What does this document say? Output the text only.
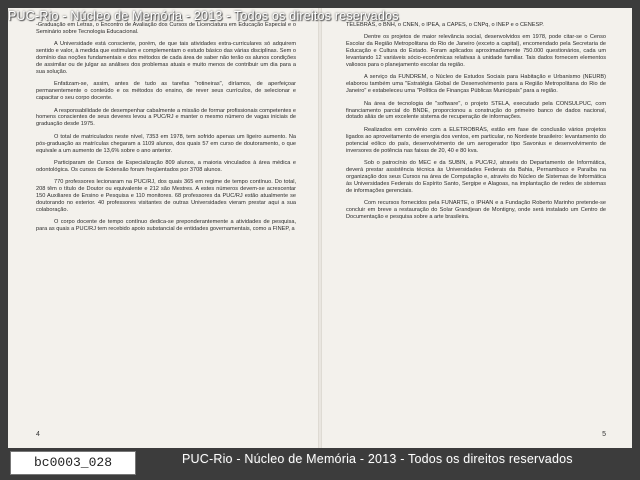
-Graduação em Letras, o Encontro de Avaliação dos Cursos de Licenciatura em Educação Especial e o Seminário sobre Tecnologia Educacional.

A Universidade está consciente, porém, de que tais atividades extra-curriculares só adquirem sentido e valor, à medida que estimulam e complementam o estudo básico das várias disciplinas. Sem o domínio das noções fundamentais e dos métodos de cada área de saber não terão os alunos condições de assimilar ou de julgar as análises dos problemas atuais e muito menos de contribuir um dia para a sua solução.

Enfatizam-se, assim, antes de tudo as tarefas "rotineiras", diríamos, de aperfeiçoar permanentemente o conteúdo e os métodos do ensino, de rever seus currículos, de selecionar e capacitar o seu corpo docente.

A responsabilidade de desempenhar cabalmente a missão de formar profissionais competentes e homens conscientes de seus deveres levou a PUC/RJ e manter o mesmo número de vagas iniciais de graduação desde 1975.

O total de matriculados neste nível, 7353 em 1978, tem sofrido apenas um ligeiro aumento. Na pós-graduação as matrículas chegaram a 1109 alunos, dos quais 57 em curso de doutoramento, o que equivale a um aumento de 13,6% sobre o ano anterior.

Participaram de Cursos de Especialização 809 alunos, a maioria vinculados à área médica e odontológica. Os cursos de Extensão foram freqüentados por 3708 alunos.

770 professores lecionaram na PUC/RJ, dos quais 365 em regime de tempo contínuo. Do total, 208 têm o título de Doutor ou equivalente e 212 são Mestres. A estes números devem-se acrescentar 150 Auxiliares de Ensino e Pesquisa e 110 monitores. 68 professores da PUC/RJ estão atualmente se doutorando no exterior. 40 professores visitantes de outras Universidades vieram prestar aqui a sua colaboração.

O corpo docente de tempo contínuo dedica-se preponderantemente a atividades de pesquisa, para as quais a PUC/RJ tem recebido apoio substancial de entidades governamentais, como a FINEP, a

4

TELEBRÁS, o BNH, o CNEN, o IPEA, a CAPES, o CNPq, o INEP e o CENESP.

Dentre os projetos de maior relevância social, desenvolvidos em 1978, pode citar-se o Censo Escolar da Região Metropolitana do Rio de Janeiro (exceto a capital), encomendado pela Secretaria de Educação e Cultura do Estado. Foram aplicados aproximadamente 750.000 questionários, cada um levantando 12 variáveis sócio-econômicas relativas à unidade familiar. Tais dados fornecem elementos valiosos para o planejamento escolar da região.

A serviço da FUNDREM, o Núcleo de Estudos Sociais para Habitação e Urbanismo (NEURB) elaborou também uma "Estratégia Global de Desenvolvimento para a Região Metropolitana do Rio de Janeiro" e estabeleceu uma "Política de Finanças Públicas Municipais" para a região.

Na área de tecnologia de "software", o projeto STELA, executado pela CONSULPUC, com financiamento parcial do BNDE, proporcionou a construção do primeiro banco de dados nacional, dotado aliás de um excelente sistema de recuperação de informações.

Realizados em convênio com a ELETROBRÁS, estão em fase de conclusão vários projetos ligados ao aproveitamento de energia dos ventos, em particular, no Nordeste brasileiro: levantamento do potencial eólico do país, desenvolvimento de um aerogerador tipo Savonius e desenvolvimento de inversores de potência nas faixas de 20, 40 e 80 kva.

Sob o patrocínio do MEC e da SUBIN, a PUC/RJ, através do Departamento de Informática, deverá prestar assistência técnica às Universidades Federais da Bahia, Pernambuco e Paraíba na organização dos seus Cursos na área de Computação e, através do Núcleo de Sistemas de Informática às Universidades Federais do Espírito Santo, Sergipe e Alagoas, na implantação de redes de sistemas de informações gerenciais.

Com recursos fornecidos pela FUNARTE, o IPHAN e a Fundação Roberto Marinho pretende-se concluir em breve a restauração do Solar Grandjean de Montigny, onde será instalado um Centro de Documentação e pesquisa sobre a arte brasileira.

5
PUC-Rio - Núcleo de Memória - 2013 - Todos os direitos reservados
PUC-Rio - Núcleo de Memória - 2013 - Todos os direitos reservados
bc0003_028
